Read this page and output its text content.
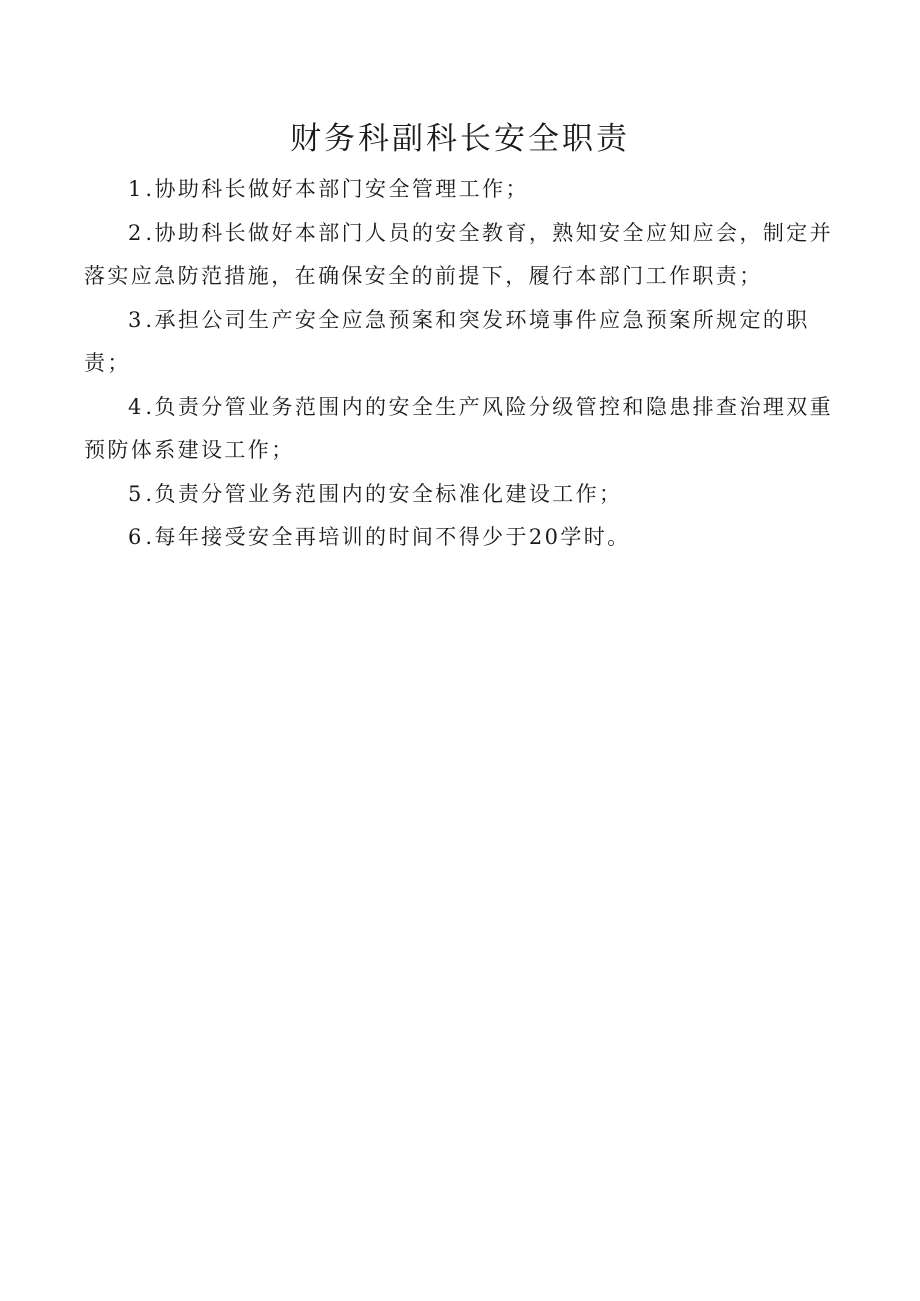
财务科副科长安全职责
1 .协助科长做好本部门安全管理工作；
2 .协助科长做好本部门人员的安全教育，熟知安全应知应会，制定并落实应急防范措施，在确保安全的前提下，履行本部门工作职责；
3 .承担公司生产安全应急预案和突发环境事件应急预案所规定的职责；
4 .负责分管业务范围内的安全生产风险分级管控和隐患排查治理双重预防体系建设工作；
5 .负责分管业务范围内的安全标准化建设工作；
6 .每年接受安全再培训的时间不得少于20学时。
